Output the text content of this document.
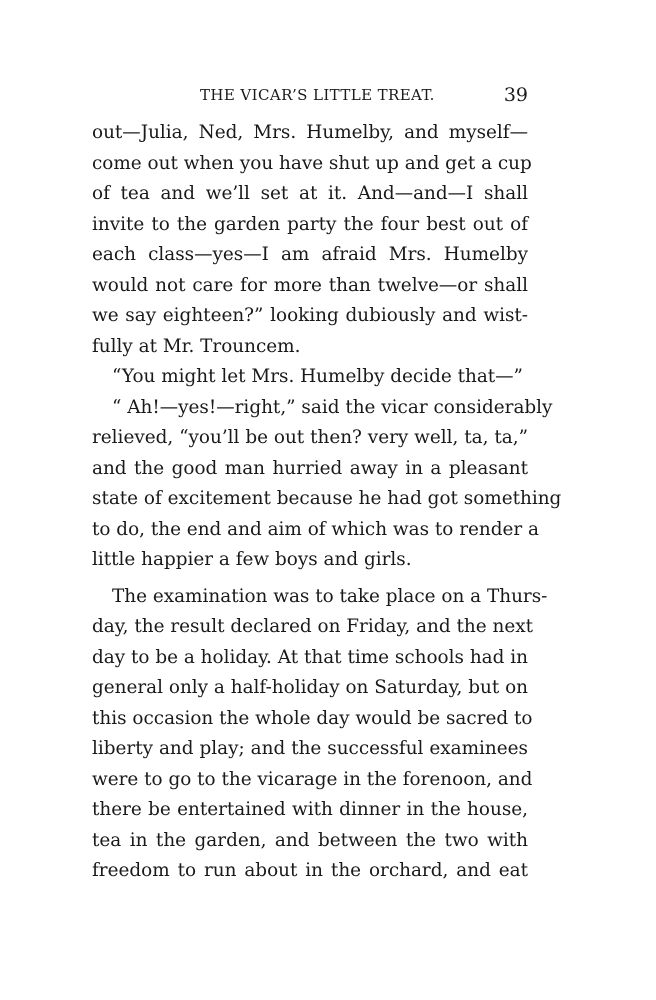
THE VICAR’S LITTLE TREAT.	39
out—Julia, Ned, Mrs. Humelby, and myself—
come out when you have shut up and get a cup
of tea and we’ll set at it. And—and—I shall
invite to the garden party the four best out of
each class—yes—I am afraid Mrs. Humelby
would not care for more than twelve—or shall
we say eighteen?” looking dubiously and wist-
fully at Mr. Trouncem.
“You might let Mrs. Humelby decide that—”
“ Ah!—yes!—right,” said the vicar considerably
relieved, “you’ll be out then? very well, ta, ta,”
and the good man hurried away in a pleasant
state of excitement because he had got something
to do, the end and aim of which was to render a
little happier a few boys and girls.
The examination was to take place on a Thurs-
day, the result declared on Friday, and the next
day to be a holiday. At that time schools had in
general only a half-holiday on Saturday, but on
this occasion the whole day would be sacred to
liberty and play; and the successful examinees
were to go to the vicarage in the forenoon, and
there be entertained with dinner in the house,
tea in the garden, and between the two with
freedom to run about in the orchard, and eat
